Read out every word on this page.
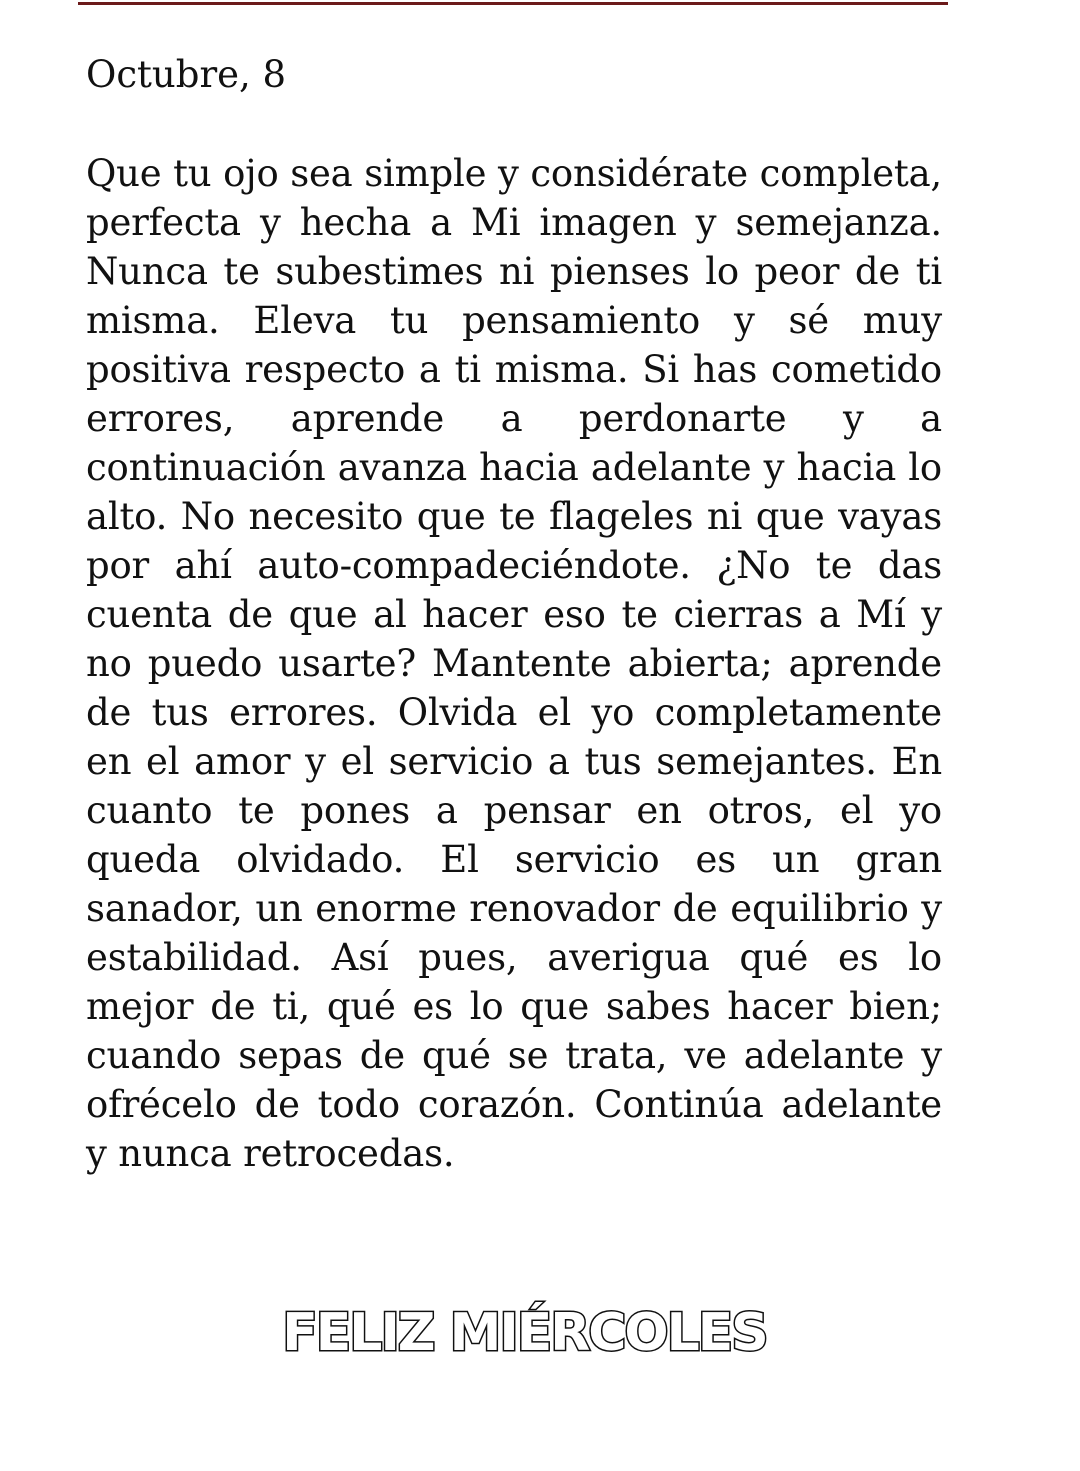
Octubre, 8

Que tu ojo sea simple y considérate completa, perfecta y hecha a Mi imagen y semejanza. Nunca te subestimes ni pienses lo peor de ti misma. Eleva tu pensamiento y sé muy positiva respecto a ti misma. Si has cometido errores, aprende a perdonarte y a continuación avanza hacia adelante y hacia lo alto. No necesito que te flageles ni que vayas por ahí auto-compadeciéndote. ¿No te das cuenta de que al hacer eso te cierras a Mí y no puedo usarte? Mantente abierta; aprende de tus errores. Olvida el yo completamente en el amor y el servicio a tus semejantes. En cuanto te pones a pensar en otros, el yo queda olvidado. El servicio es un gran sanador, un enorme renovador de equilibrio y estabilidad. Así pues, averigua qué es lo mejor de ti, qué es lo que sabes hacer bien; cuando sepas de qué se trata, ve adelante y ofrécelo de todo corazón. Continúa adelante y nunca retrocedas.

FELIZ MIÉRCOLES
